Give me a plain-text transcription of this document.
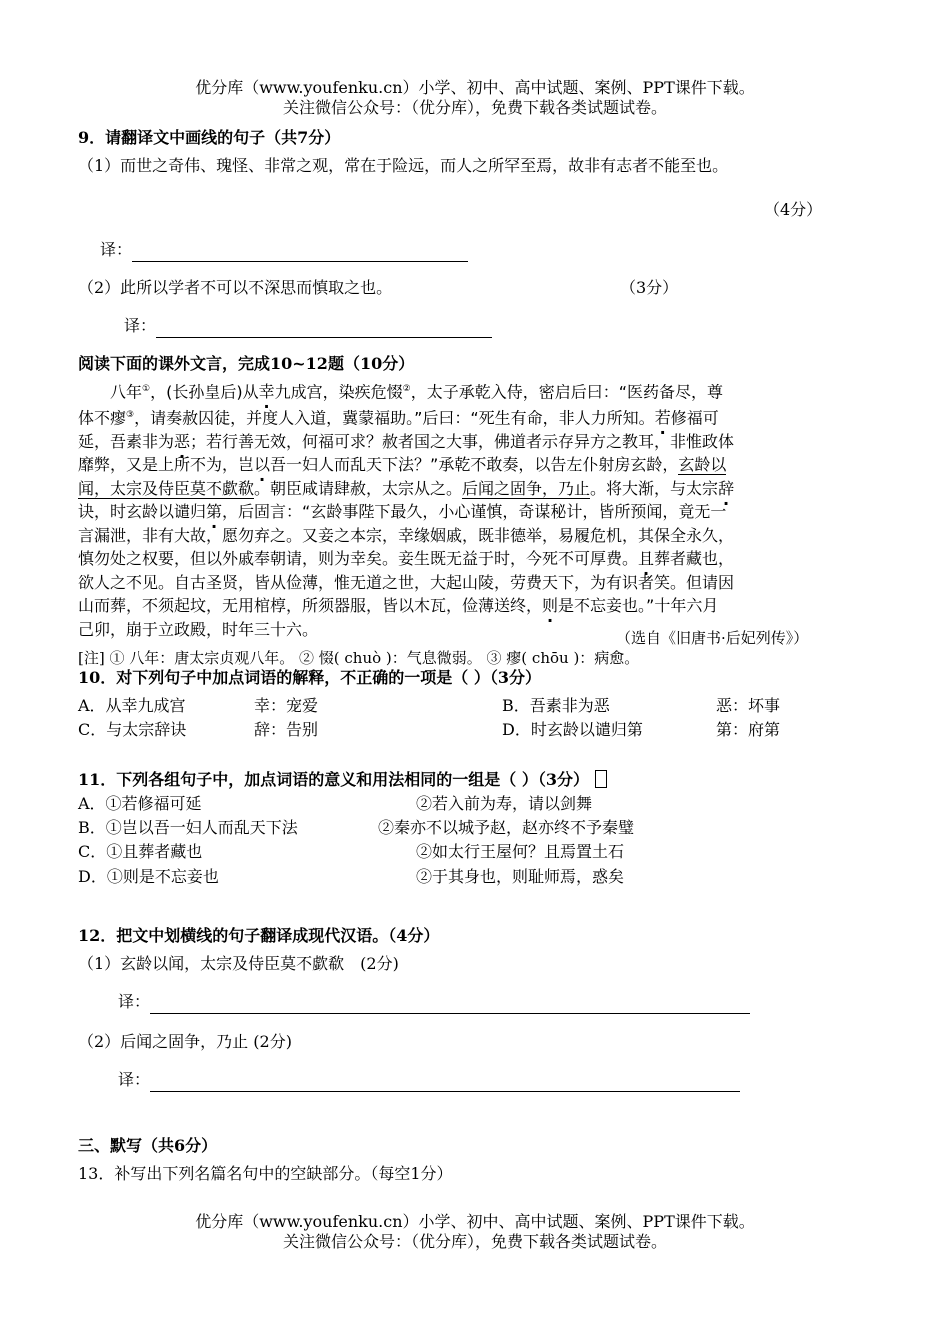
优分库（www.youfenku.cn）小学、初中、高中试题、案例、PPT课件下载。
关注微信公众号：（优分库），免费下载各类试题试卷。
9．请翻译文中画线的句子（共7分）
（1）而世之奇伟、瑰怪、非常之观，常在于险远，而人之所罕至焉，故非有志者不能至也。
（4分）
译：
（2）此所以学者不可以不深思而慎取之也。	（3分）
译：
阅读下面的课外文言，完成10~12题（10分）
　　八年①，(长孙皇后)从幸九成宫，染疾危惙②，太子承乾入侍，密启后曰：“医药备尽，尊
体不瘳③，请奏赦囚徒，并度人入道，冀蒙福助。”后曰：“死生有命，非人力所知。若修福可
延，吾素非为恶；若行善无效，何福可求？赦者国之大事，佛道者示存异方之教耳，非惟政体
靡弊，又是上所不为，岂以吾一妇人而乱天下法？”承乾不敢奏，以告左仆射房玄龄，玄龄以
闻，太宗及侍臣莫不歔欷。朝臣咸请肆赦，太宗从之。后闻之固争，乃止。将大渐，与太宗辞
诀，时玄龄以谴归第，后固言：“玄龄事陛下最久，小心谨慎，奇谋秘计，皆所预闻，竟无一
言漏泄，非有大故，愿勿弃之。又妾之本宗，幸缘姻戚，既非德举，易履危机，其保全永久，
慎勿处之权要，但以外戚奉朝请，则为幸矣。妾生既无益于时，今死不可厚费。且葬者藏也，
欲人之不见。自古圣贤，皆从俭薄，惟无道之世，大起山陵，劳费天下，为有识者笑。但请因
山而葬，不须起坟，无用棺椁，所须器服，皆以木瓦，俭薄送终，则是不忘妾也。”十年六月
己卯，崩于立政殿，时年三十六。	（选自《旧唐书·后妃列传》）
[注] ① 八年：唐太宗贞观八年。 ② 惙( chuò )：气息微弱。 ③ 瘳( chōu )：病愈。
10．对下列句子中加点词语的解释，不正确的一项是（ ）（3分）
A．从幸九成宫	幸：宠爱	B．吾素非为恶	恶：坏事
C．与太宗辞诀	辞：告别	D．时玄龄以谴归第	第：府第
11．下列各组句子中，加点词语的意义和用法相同的一组是（ ）（3分）
A．①若修福可延	②若入前为寿，请以剑舞
B．①岂以吾一妇人而乱天下法	②秦亦不以城予赵，赵亦终不予秦璧
C．①且葬者藏也	②如太行王屋何？且焉置土石
D．①则是不忘妾也	②于其身也，则耻师焉，惑矣
12．把文中划横线的句子翻译成现代汉语。（4分）
（1）玄龄以闻，太宗及侍臣莫不歔欷　(2分)
译：
（2）后闻之固争，乃止 (2分)
译：
三、默写（共6分）
13．补写出下列名篇名句中的空缺部分。（每空1分）
优分库（www.youfenku.cn）小学、初中、高中试题、案例、PPT课件下载。
关注微信公众号：（优分库），免费下载各类试题试卷。
